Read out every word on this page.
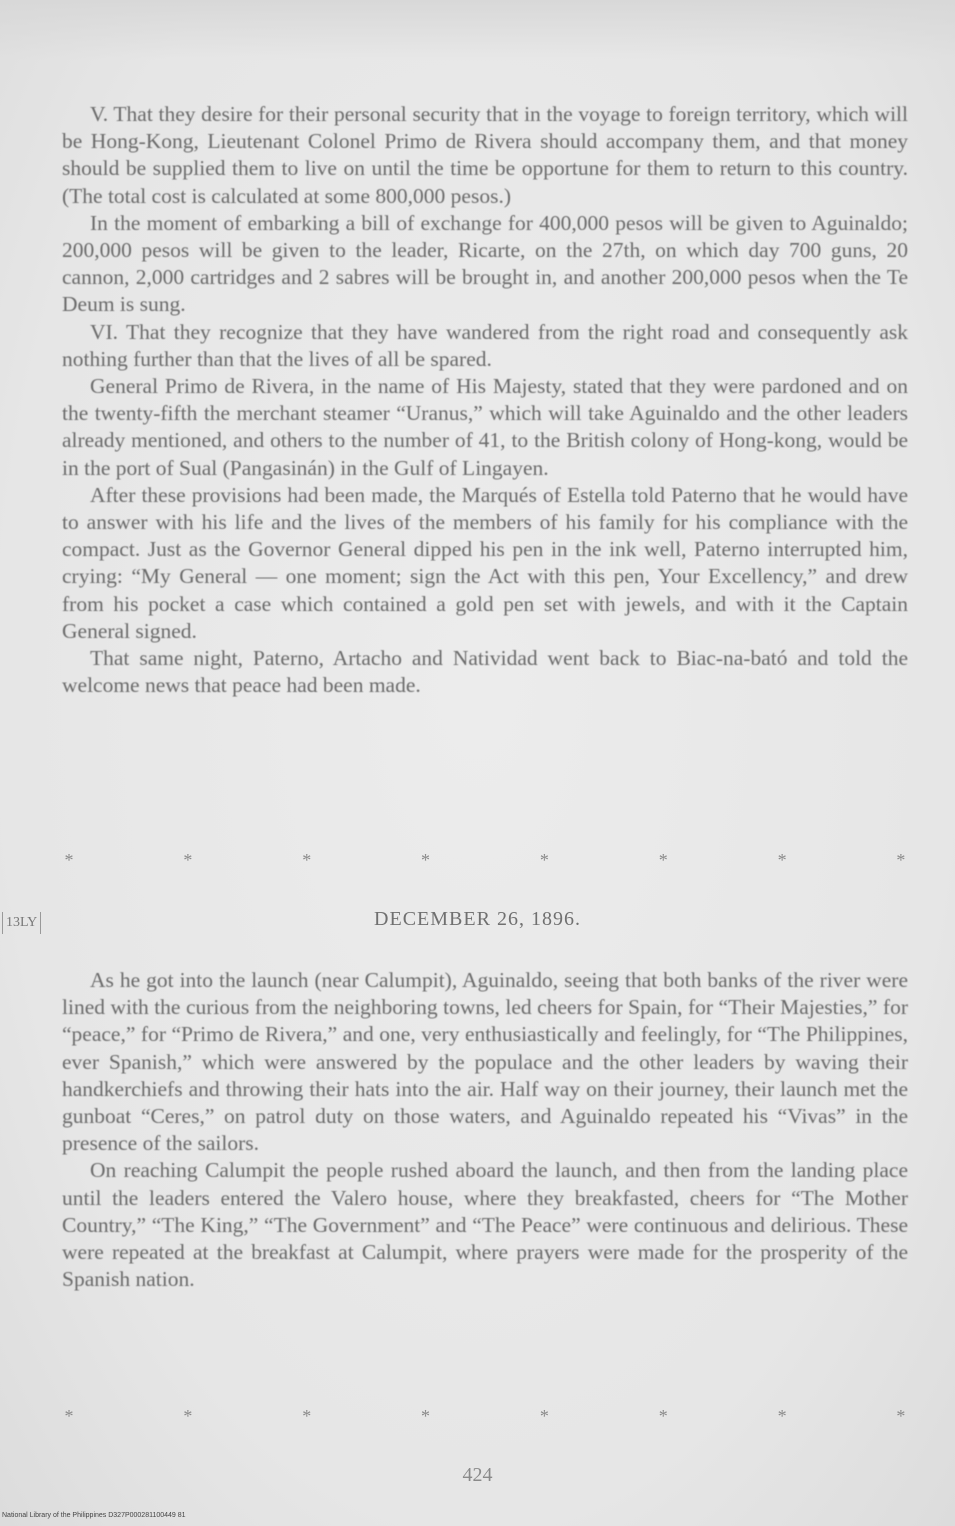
V. That they desire for their personal security that in the voyage to foreign territory, which will be Hong-Kong, Lieutenant Colonel Primo de Rivera should accompany them, and that money should be supplied them to live on until the time be opportune for them to return to this country. (The total cost is calculated at some 800,000 pesos.)

In the moment of embarking a bill of exchange for 400,000 pesos will be given to Aguinaldo; 200,000 pesos will be given to the leader, Ricarte, on the 27th, on which day 700 guns, 20 cannon, 2,000 cartridges and 2 sabres will be brought in, and another 200,000 pesos when the Te Deum is sung.

VI. That they recognize that they have wandered from the right road and consequently ask nothing further than that the lives of all be spared.

General Primo de Rivera, in the name of His Majesty, stated that they were pardoned and on the twenty-fifth the merchant steamer “Uranus,” which will take Aguinaldo and the other leaders already mentioned, and others to the number of 41, to the British colony of Hong-kong, would be in the port of Sual (Pangasinán) in the Gulf of Lingayen.

After these provisions had been made, the Marqués of Estella told Paterno that he would have to answer with his life and the lives of the members of his family for his compliance with the compact. Just as the Governor General dipped his pen in the ink well, Paterno interrupted him, crying: “My General — one moment; sign the Act with this pen, Your Excellency,” and drew from his pocket a case which contained a gold pen set with jewels, and with it the Captain General signed.

That same night, Paterno, Artacho and Natividad went back to Biac-na-bató and told the welcome news that peace had been made.

*	*	*	*	*	*	*	*
13LY	DECEMBER 26, 1896.

As he got into the launch (near Calumpit), Aguinaldo, seeing that both banks of the river were lined with the curious from the neighboring towns, led cheers for Spain, for “Their Majesties,” for “peace,” for “Primo de Rivera,” and one, very enthusiastically and feelingly, for “The Philippines, ever Spanish,” which were answered by the populace and the other leaders by waving their handkerchiefs and throwing their hats into the air. Half way on their journey, their launch met the gunboat “Ceres,” on patrol duty on those waters, and Aguinaldo repeated his “Vivas” in the presence of the sailors.

On reaching Calumpit the people rushed aboard the launch, and then from the landing place until the leaders entered the Valero house, where they breakfasted, cheers for “The Mother Country,” “The King,” “The Government” and “The Peace” were continuous and delirious. These were repeated at the breakfast at Calumpit, where prayers were made for the prosperity of the Spanish nation.

*	*	*	*	*	*	*	*
424
National Library of the Philippines D327P000281100449 81
